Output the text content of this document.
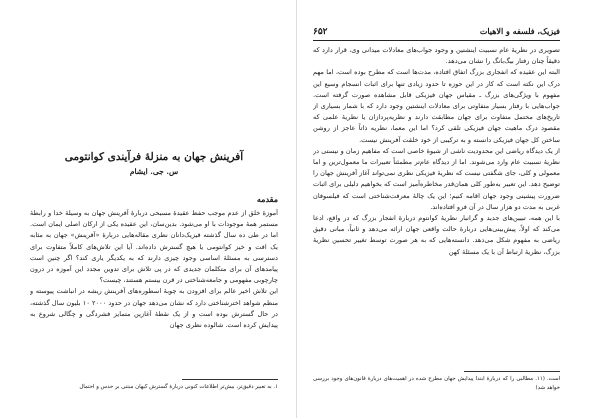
آفرینش جهان به منزلهٔ فرآیندی کوانتومی
س. جی. ایشام
مقدمه

آموزهٔ خلق از عدم موجب حفظ عقیدهٔ مسیحی دربارهٔ آفرینش جهان به وسیلهٔ خدا و رابطهٔ مستمر همهٔ موجودات با او می‌شود. بدین‌سان، این عقیده یکی از ارکان اصلی ایمان است. اما در طی ده سال گذشته فیزیک‌دانان نظری مقاله‌هایی دربارهٔ «آفرینش» جهان به مثابه یک افت و خیز کوانتومی یا هیچ گسترش داده‌اند. آیا این تلاش‌های کاملاً متفاوت برای دسترسی به مسئلهٔ اساسی وجود چیزی دارند که به یکدیگر یاری کند؟ اگر چنین است پیامدهای آن برای متکلمان جدیدی که در پی تلاش برای تدوین مجدد این آموزه در درون چارچوبی مفهومی و جامعه‌شناختی در قرن بیستم هستند، چیست؟

این تلاش اخیر عالم برای افزودن به چوبهٔ اسطوره‌های آفرینش ریشه در انباشت پیوسته و منظم شواهد اخترشناختی دارد که نشان می‌دهد جهان در حدود ۲۰۰۰ ۱۰ بلیون سال گذشته، در حال گسترش بوده است و از یک نقطهٔ آغازین متمایز فشردگی و چگالی شروع به پیدایش کرده است. شالوده نظری جهان

۱. به تعبیر دقیق‌تر، بیش‌تر اطلاعات کنونی دربارهٔ گسترش کیهان مبتنی بر حدس و احتمال

فیزیک، فلسفه و الاهیات
۶۵۲

تصویری در نظریهٔ عام نسبیت اینشتین و وجود جواب‌های معادلات میدانی وی، قرار دارد که دقیقاً چنان رفتار بیگ‌بانگ را نشان می‌دهد.

البته این عقیده که انفجاری بزرگ اتفاق افتاده، مدت‌ها است که مطرح بوده است، اما مهم درک این نکته است که کار در این حوزه تا حدود زیادی تنها برای اثبات انسجام وسیع این مفهوم با ویژگی‌های بزرگ ـ مقیاس جهان فیزیکی قابل مشاهده صورت گرفته است. جواب‌هایی با رفتار بسیار متفاوتی برای معادلات اینشتین وجود دارد که با شمار بسیاری از تاریخ‌های محتمل متفاوت برای جهان مطابقت دارند و نظریه‌پردازان یا نظریهٔ علمی که مقصود درک ماهیت جهان فیزیکی تلقی کرد؟ اما این معما، نظریه ذاتاً عاجز از روشن ساختن کل جهان فیزیکی دانسته و به ترکیبی از خود خلقت آفرینش نیست.

از یک دیدگاه ریاضی این محدودیت ناشی از شیوهٔ خاصی است که مفاهیم زمان و نیستی در نظریهٔ نسبیت عام وارد می‌شوند. اما از دیدگاه عام‌تر مطمئناً تعبیرات ما معمول‌ترین و اما معمولی و کلی، جای شگفتی نیست که نظریهٔ فیزیکی نظری نمی‌تواند آغاز آفرینش جهان را توضیح دهد. این تعبیر به‌طور کلی همان‌قدر مخاطره‌آمیز است که بخواهیم دلیلی برای اثبات ضرورت پیشینی وجود جهان اقامه کنیم؛ این یک چالهٔ معرفت‌شناختی است که فیلسوفان غربی به مدت دو هزار سال در آن فرو افتاده‌اند.

با این همه، تبیین‌های جدید و گرانبار نظریهٔ کوانتوم دربارهٔ انفجار بزرگ که در واقع، ادعا می‌کند که اولاً، پیش‌بینی‌هایی دربارهٔ حالت واقعی جهان ارائه می‌دهد و ثانیاً، مبانی دقیق ریاضی به مفهوم شکل می‌دهد. دانسته‌هایی که به هر صورت توسط تغییر تحسین نظریهٔ بزرگ، نظریهٔ ارتباط آن با یک مسئلهٔ کهن

است. (۱۱. مطالبی را که دربارهٔ ابتدا پیدایش جهان مطرح شده در اهمیت‌های دربارهٔ قانون‌های وجود بررسی خواهد شد)
